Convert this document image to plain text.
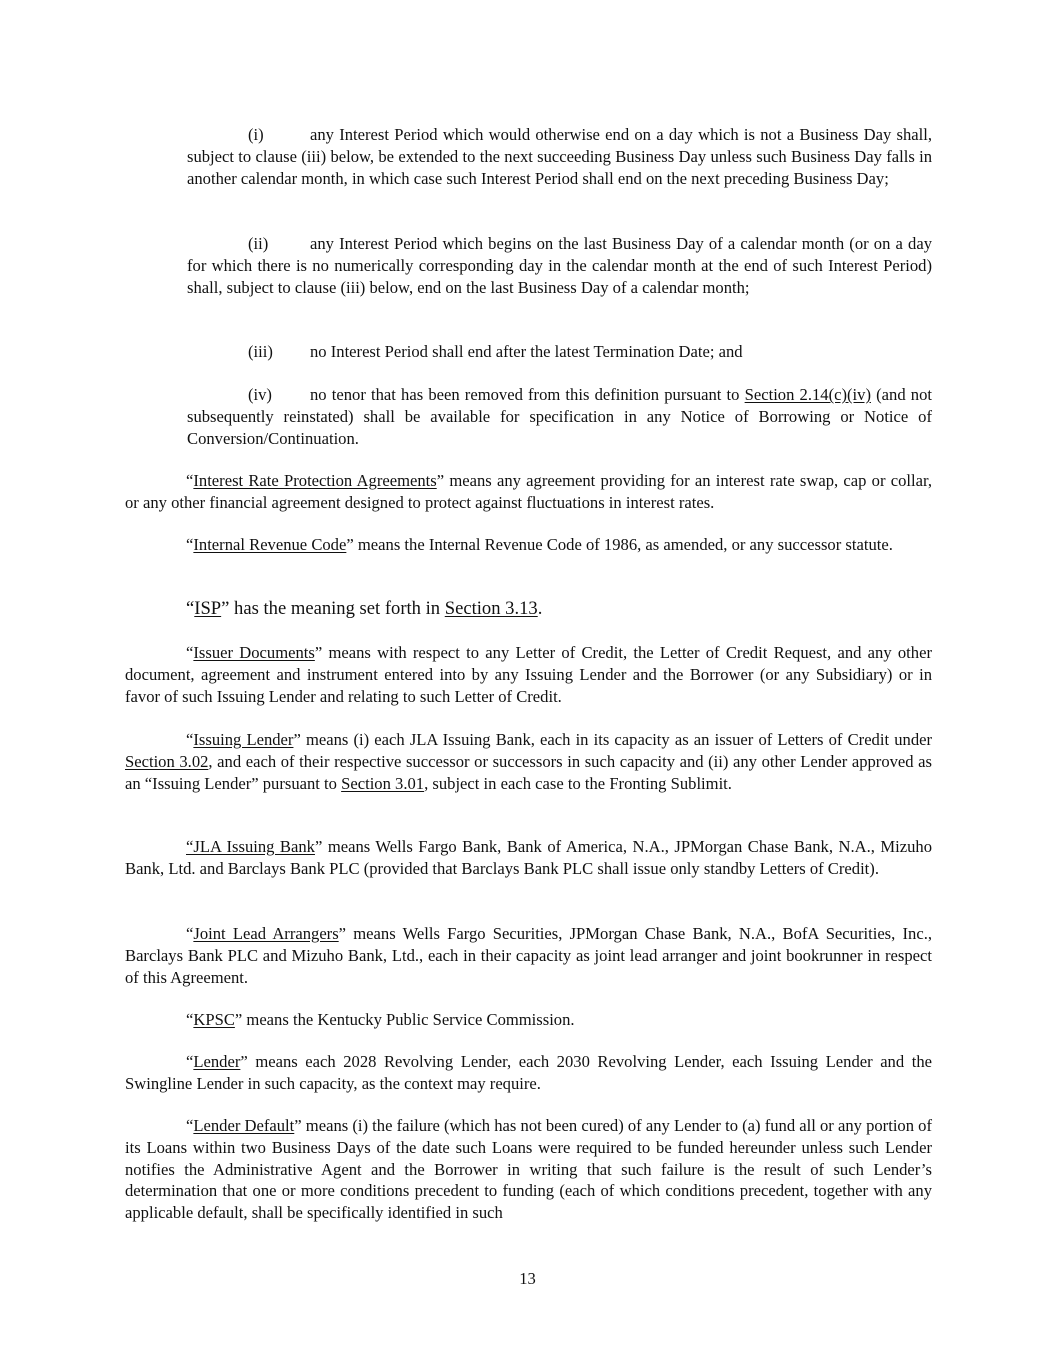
(i)	any Interest Period which would otherwise end on a day which is not a Business Day shall, subject to clause (iii) below, be extended to the next succeeding Business Day unless such Business Day falls in another calendar month, in which case such Interest Period shall end on the next preceding Business Day;

(ii)	any Interest Period which begins on the last Business Day of a calendar month (or on a day for which there is no numerically corresponding day in the calendar month at the end of such Interest Period) shall, subject to clause (iii) below, end on the last Business Day of a calendar month;

(iii) no Interest Period shall end after the latest Termination Date; and

(iv) no tenor that has been removed from this definition pursuant to Section 2.14(c)(iv) (and not subsequently reinstated) shall be available for specification in any Notice of Borrowing or Notice of Conversion/Continuation.

“Interest Rate Protection Agreements” means any agreement providing for an interest rate swap, cap or collar, or any other financial agreement designed to protect against fluctuations in interest rates.

“Internal Revenue Code” means the Internal Revenue Code of 1986, as amended, or any successor statute.

“ISP” has the meaning set forth in Section 3.13.

“Issuer Documents” means with respect to any Letter of Credit, the Letter of Credit Request, and any other document, agreement and instrument entered into by any Issuing Lender and the Borrower (or any Subsidiary) or in favor of such Issuing Lender and relating to such Letter of Credit.

“Issuing Lender” means (i) each JLA Issuing Bank, each in its capacity as an issuer of Letters of Credit under Section 3.02, and each of their respective successor or successors in such capacity and (ii) any other Lender approved as an “Issuing Lender” pursuant to Section 3.01, subject in each case to the Fronting Sublimit.

“JLA Issuing Bank” means Wells Fargo Bank, Bank of America, N.A., JPMorgan Chase Bank, N.A., Mizuho Bank, Ltd. and Barclays Bank PLC (provided that Barclays Bank PLC shall issue only standby Letters of Credit).

“Joint Lead Arrangers” means Wells Fargo Securities, JPMorgan Chase Bank, N.A., BofA Securities, Inc., Barclays Bank PLC and Mizuho Bank, Ltd., each in their capacity as joint lead arranger and joint bookrunner in respect of this Agreement.

“KPSC” means the Kentucky Public Service Commission.

“Lender” means each 2028 Revolving Lender, each 2030 Revolving Lender, each Issuing Lender and the Swingline Lender in such capacity, as the context may require.

“Lender Default” means (i) the failure (which has not been cured) of any Lender to (a) fund all or any portion of its Loans within two Business Days of the date such Loans were required to be funded hereunder unless such Lender notifies the Administrative Agent and the Borrower in writing that such failure is the result of such Lender’s determination that one or more conditions precedent to funding (each of which conditions precedent, together with any applicable default, shall be specifically identified in such

13
